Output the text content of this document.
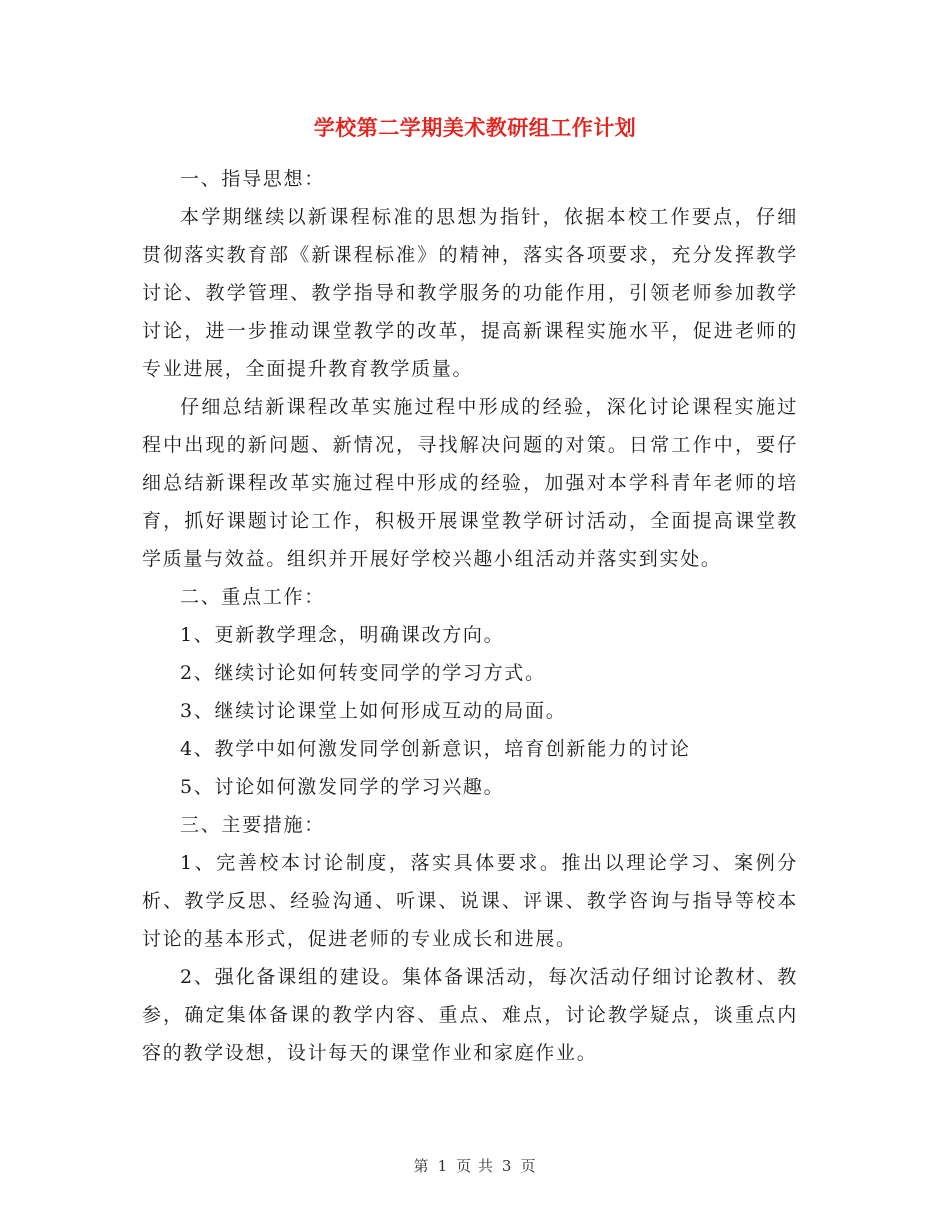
学校第二学期美术教研组工作计划

一、指导思想：

本学期继续以新课程标准的思想为指针，依据本校工作要点，仔细贯彻落实教育部《新课程标准》的精神，落实各项要求，充分发挥教学讨论、教学管理、教学指导和教学服务的功能作用，引领老师参加教学讨论，进一步推动课堂教学的改革，提高新课程实施水平，促进老师的专业进展，全面提升教育教学质量。

仔细总结新课程改革实施过程中形成的经验，深化讨论课程实施过程中出现的新问题、新情况，寻找解决问题的对策。日常工作中，要仔细总结新课程改革实施过程中形成的经验，加强对本学科青年老师的培育，抓好课题讨论工作，积极开展课堂教学研讨活动，全面提高课堂教学质量与效益。组织并开展好学校兴趣小组活动并落实到实处。

二、重点工作：

1、更新教学理念，明确课改方向。

2、继续讨论如何转变同学的学习方式。

3、继续讨论课堂上如何形成互动的局面。

4、教学中如何激发同学创新意识，培育创新能力的讨论

5、讨论如何激发同学的学习兴趣。

三、主要措施：

1、完善校本讨论制度，落实具体要求。推出以理论学习、案例分析、教学反思、经验沟通、听课、说课、评课、教学咨询与指导等校本讨论的基本形式，促进老师的专业成长和进展。

2、强化备课组的建设。集体备课活动，每次活动仔细讨论教材、教参，确定集体备课的教学内容、重点、难点，讨论教学疑点，谈重点内容的教学设想，设计每天的课堂作业和家庭作业。

第 1 页 共 3 页
